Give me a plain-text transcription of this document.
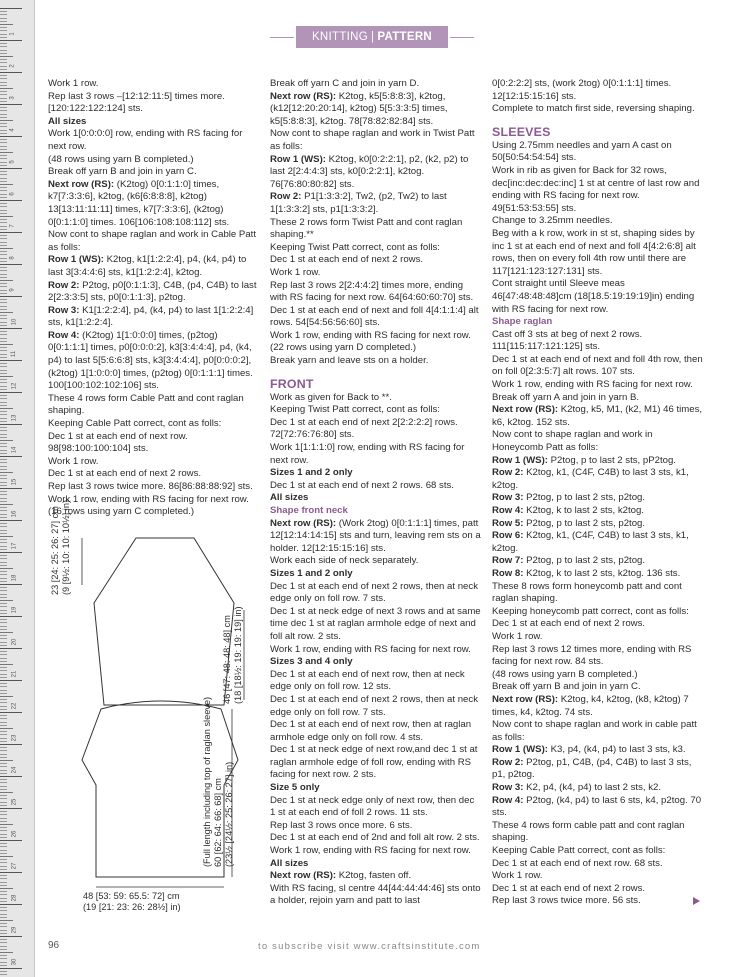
1
2
3
4
5
6
7
8
9
10
11
12
13
14
15
16
17
18
19
20
21
22
23
24
25
26
27
28
29
30
KNITTING | PATTERN INSTRUCTIONS

Work 1 row.

Rep last 3 rows –[12:12:11:5] times more.

[120:122:122:124] sts.

All sizes

Work 1[0:0:0:0] row, ending with RS facing for next row.

(48 rows using yarn B completed.)

Break off yarn B and join in yarn C.

Next row (RS): (K2tog) 0[0:1:1:0] times, k7[7:3:3:6], k2tog, (k6[6:8:8:8], k2tog) 13[13:11:11:11] times, k7[7:3:3:6], (k2tog) 0[0:1:1:0] times. 106[106:108:108:112] sts.

Now cont to shape raglan and work in Cable Patt as folls:

Row 1 (WS): K2tog, k1[1:2:2:4], p4, (k4, p4) to last 3[3:4:4:6] sts, k1[1:2:2:4], k2tog.

Row 2: P2tog, p0[0:1:1:3], C4B, (p4, C4B) to last 2[2:3:3:5] sts, p0[0:1:1:3], p2tog.

Row 3: K1[1:2:2:4], p4, (k4, p4) to last 1[1:2:2:4] sts, k1[1:2:2:4].

Row 4: (K2tog) 1[1:0:0:0] times, (p2tog) 0[0:1:1:1] times, p0[0:0:0:2], k3[3:4:4:4], p4, (k4, p4) to last 5[5:6:6:8] sts, k3[3:4:4:4], p0[0:0:0:2], (k2tog) 1[1:0:0:0] times, (p2tog) 0[0:1:1:1] times. 100[100:102:102:106] sts.

These 4 rows form Cable Patt and cont raglan shaping.

Keeping Cable Patt correct, cont as folls:

Dec 1 st at each end of next row.

98[98:100:100:104] sts.

Work 1 row.

Dec 1 st at each end of next 2 rows.

Rep last 3 rows twice more. 86[86:88:88:92] sts.

Work 1 row, ending with RS facing for next row.

(16 rows using yarn C completed.)

Break off yarn C and join in yarn D.

Next row (RS): K2tog, k5[5:8:8:3], k2tog, (k12[12:20:20:14], k2tog) 5[5:3:3:5] times, k5[5:8:8:3], k2tog. 78[78:82:82:84] sts.

Now cont to shape raglan and work in Twist Patt as folls:

Row 1 (WS): K2tog, k0[0:2:2:1], p2, (k2, p2) to last 2[2:4:4:3] sts, k0[0:2:2:1], k2tog. 76[76:80:80:82] sts.

Row 2: P1[1:3:3:2], Tw2, (p2, Tw2) to last 1[1:3:3:2] sts, p1[1:3:3:2].

These 2 rows form Twist Patt and cont raglan shaping.**

Keeping Twist Patt correct, cont as folls:

Dec 1 st at each end of next 2 rows.

Work 1 row.

Rep last 3 rows 2[2:4:4:2] times more, ending with RS facing for next row. 64[64:60:60:70] sts.

Dec 1 st at each end of next and foll 4[4:1:1:4] alt rows. 54[54:56:56:60] sts.

Work 1 row, ending with RS facing for next row.

(22 rows using yarn D completed.)

Break yarn and leave sts on a holder.

FRONT

Work as given for Back to **.

Keeping Twist Patt correct, cont as folls:

Dec 1 st at each end of next 2[2:2:2:2] rows. 72[72:76:76:80] sts.

Work 1[1:1:1:0] row, ending with RS facing for next row.

Sizes 1 and 2 only

Dec 1 st at each end of next 2 rows. 68 sts.

All sizes

Shape front neck

Next row (RS): (Work 2tog) 0[0:1:1:1] times, patt 12[12:14:14:15] sts and turn, leaving rem sts on a holder. 12[12:15:15:16] sts.

Work each side of neck separately.

Sizes 1 and 2 only

Dec 1 st at each end of next 2 rows, then at neck edge only on foll row. 7 sts.

Dec 1 st at neck edge of next 3 rows and at same time dec 1 st at raglan armhole edge of next and foll alt row. 2 sts.

Work 1 row, ending with RS facing for next row.

Sizes 3 and 4 only

Dec 1 st at each end of next row, then at neck edge only on foll row. 12 sts.

Dec 1 st at each end of next 2 rows, then at neck edge only on foll row. 7 sts.

Dec 1 st at each end of next row, then at raglan armhole edge only on foll row. 4 sts.

Dec 1 st at neck edge of next row,and dec 1 st at raglan armhole edge of foll row, ending with RS facing for next row. 2 sts.

Size 5 only

Dec 1 st at neck edge only of next row, then dec 1 st at each end of foll 2 rows. 11 sts.

Rep last 3 rows once more. 6 sts.

Dec 1 st at each end of 2nd and foll alt row. 2 sts.

Work 1 row, ending with RS facing for next row.

All sizes

Next row (RS): K2tog, fasten off.

With RS facing, sl centre 44[44:44:44:46] sts onto a holder, rejoin yarn and patt to last

0[0:2:2:2] sts, (work 2tog) 0[0:1:1:1] times. 12[12:15:15:16] sts.

Complete to match first side, reversing shaping.

SLEEVES

Using 2.75mm needles and yarn A cast on 50[50:54:54:54] sts.

Work in rib as given for Back for 32 rows, dec[inc:dec:dec:inc] 1 st at centre of last row and ending with RS facing for next row. 49[51:53:53:55] sts.

Change to 3.25mm needles.

Beg with a k row, work in st st, shaping sides by inc 1 st at each end of next and foll 4[4:2:6:8] alt rows, then on every foll 4th row until there are 117[121:123:127:131] sts.

Cont straight until Sleeve meas 46[47:48:48:48]cm (18[18.5:19:19:19]in) ending with RS facing for next row.

Shape raglan

Cast off 3 sts at beg of next 2 rows. 111[115:117:121:125] sts.

Dec 1 st at each end of next and foll 4th row, then on foll 0[2:3:5:7] alt rows. 107 sts.

Work 1 row, ending with RS facing for next row.

Break off yarn A and join in yarn B.

Next row (RS): K2tog, k5, M1, (k2, M1) 46 times, k6, k2tog. 152 sts.

Now cont to shape raglan and work in Honeycomb Patt as folls:

Row 1 (WS): P2tog, p to last 2 sts, pP2tog.

Row 2: K2tog, k1, (C4F, C4B) to last 3 sts, k1, k2tog.

Row 3: P2tog, p to last 2 sts, p2tog.

Row 4: K2tog, k to last 2 sts, k2tog.

Row 5: P2tog, p to last 2 sts, p2tog.

Row 6: K2tog, k1, (C4F, C4B) to last 3 sts, k1, k2tog.

Row 7: P2tog, p to last 2 sts, p2tog.

Row 8: K2tog, k to last 2 sts, k2tog. 136 sts.

These 8 rows form honeycomb patt and cont raglan shaping.

Keeping honeycomb patt correct, cont as folls:

Dec 1 st at each end of next 2 rows.

Work 1 row.

Rep last 3 rows 12 times more, ending with RS facing for next row. 84 sts.

(48 rows using yarn B completed.)

Break off yarn B and join in yarn C.

Next row (RS): K2tog, k4, k2tog, (k8, k2tog) 7 times, k4, k2tog. 74 sts.

Now cont to shape raglan and work in cable patt as folls:

Row 1 (WS): K3, p4, (k4, p4) to last 3 sts, k3.

Row 2: P2tog, p1, C4B, (p4, C4B) to last 3 sts, p1, p2tog.

Row 3: K2, p4, (k4, p4) to last 2 sts, k2.

Row 4: P2tog, (k4, p4) to last 6 sts, k4, p2tog. 70 sts.

These 4 rows form cable patt and cont raglan shaping.

Keeping Cable Patt correct, cont as folls:

Dec 1 st at each end of next row. 68 sts.

Work 1 row.

Dec 1 st at each end of next 2 rows.

Rep last 3 rows twice more. 56 sts.

23 [24: 25: 26: 27] cm (9 [9½: 10: 10: 10½] in)
46 [47: 48: 48: 48] cm (18 [18½: 19: 19: 19] in)
(Full length including top of raglan sleeve) 60 [62: 64: 66: 68] cm (23½ [24½: 25: 26: 27] in)
48 [53: 59: 65.5: 72] cm
(19 [21: 23: 26: 28½] in)
96	to subscribe visit www.craftsinstitute.com
